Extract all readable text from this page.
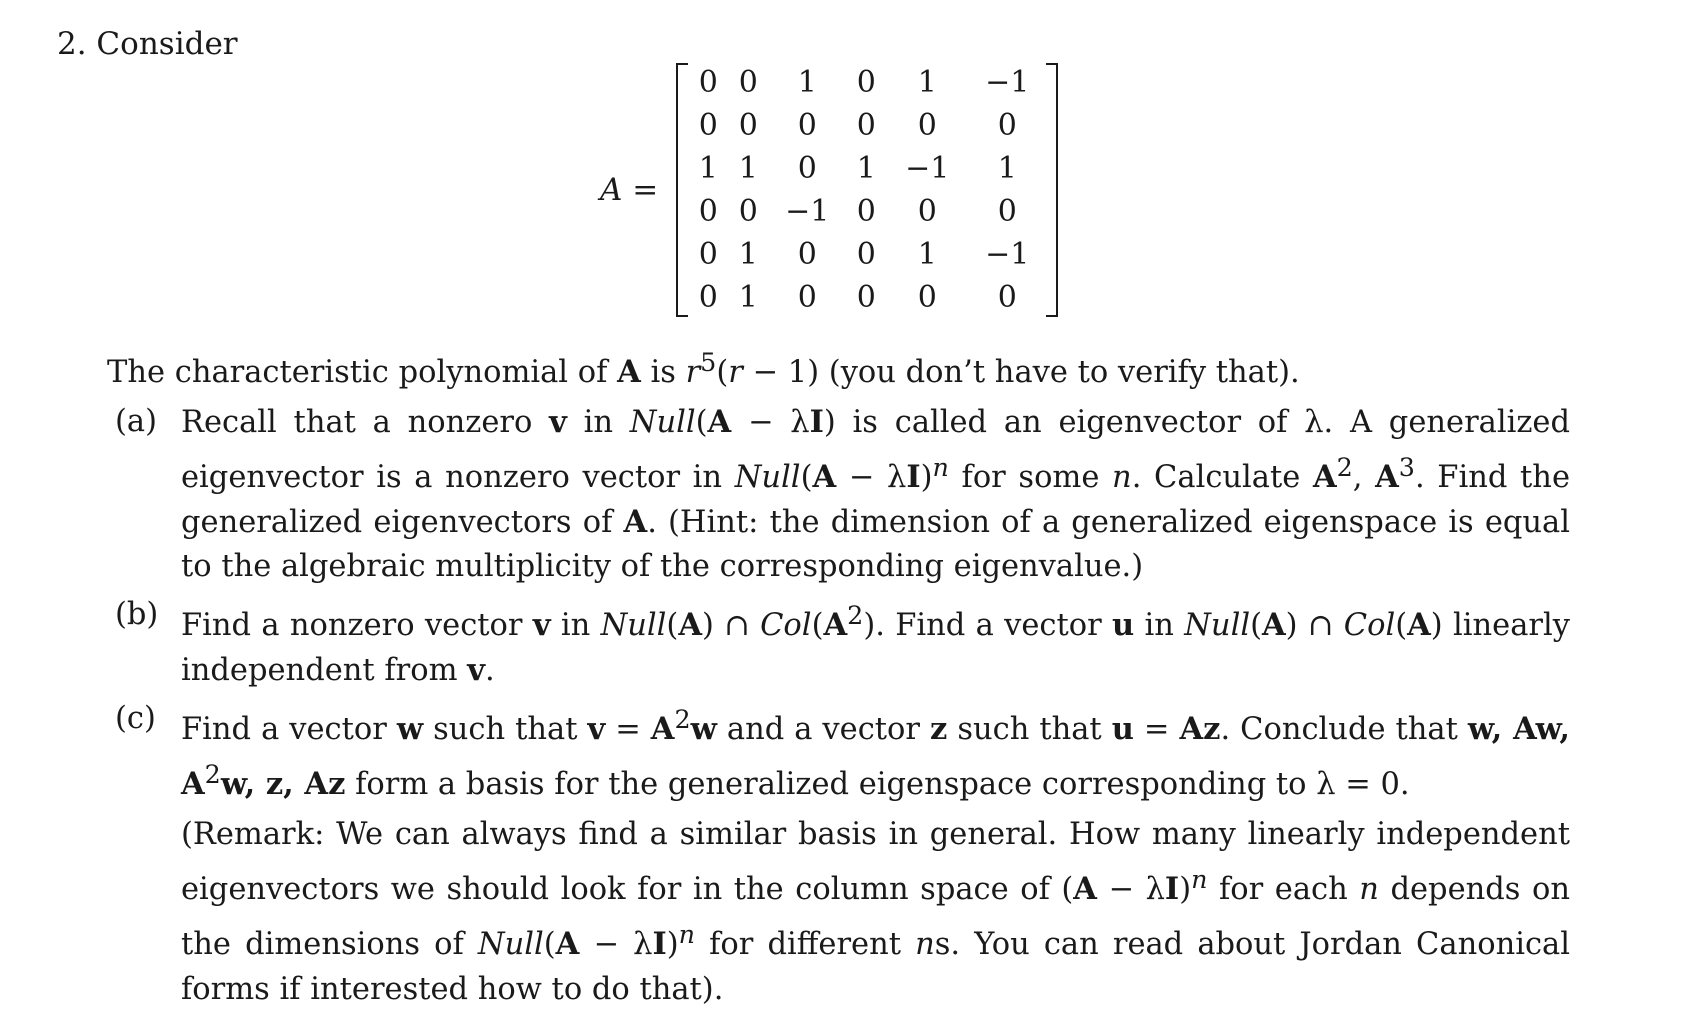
2. Consider
A =
0	0	1	0	1	−1
0	0	0	0	0	0
1	1	0	1	−1	1
0	0	−1	0	0	0
0	1	0	0	1	−1
0	1	0	0	0	0
The characteristic polynomial of A is $r^5(r - 1)$ (you don’t have to verify that).
(a) Recall that a nonzero v in Null(A − λI) is called an eigenvector of λ. A generalized eigenvector is a nonzero vector in Null(A − λI)$^n$ for some n. Calculate $A^2$, $A^3$. Find the generalized eigenvectors of A. (Hint: the dimension of a generalized eigenspace is equal to the algebraic multiplicity of the corresponding eigenvalue.)
(b) Find a nonzero vector v in Null(A) ∩ $Col(A^2)$. Find a vector u in Null(A) ∩ Col(A) linearly independent from v.
(c) Find a vector w such that $v = A^2w$ and a vector z such that u = Az. Conclude that w, Aw, $A^2w$, z, Az form a basis for the generalized eigenspace corresponding to λ = 0.
(Remark: We can always find a similar basis in general. How many linearly independent eigenvectors we should look for in the column space of $(A - \lambda I)^n$ for each n depends on the dimensions of Null(A − λI)$^n$ for different ns. You can read about Jordan Canonical forms if interested how to do that).
